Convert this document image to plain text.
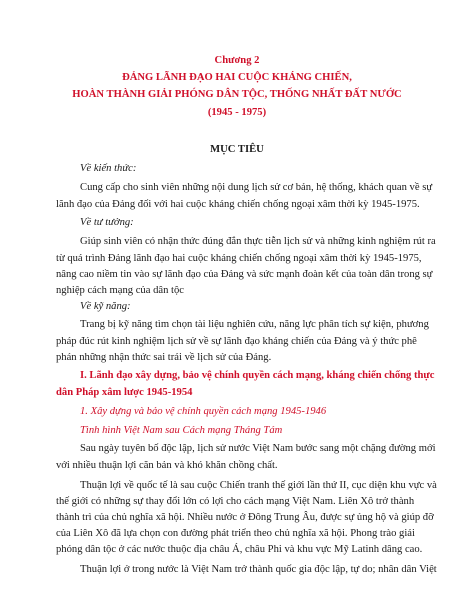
Chương 2
ĐẢNG LÃNH ĐẠO HAI CUỘC KHÁNG CHIẾN,
HOÀN THÀNH GIẢI PHÓNG DÂN TỘC, THỐNG NHẤT ĐẤT NƯỚC
(1945 - 1975)
MỤC TIÊU
Về kiến thức:
Cung cấp cho sinh viên những nội dung lịch sử cơ bản, hệ thống, khách quan về sự
lãnh đạo của Đảng đối với hai cuộc kháng chiến chống ngoại xâm thời kỳ 1945-1975.
Về tư tưởng:
Giúp sinh viên có nhận thức đúng đắn thực tiễn lịch sử và những kinh nghiệm rút ra
từ quá trình Đảng lãnh đạo hai cuộc kháng chiến chống ngoại xâm thời kỳ 1945-1975,
nâng cao niềm tin vào sự lãnh đạo của Đảng và sức mạnh đoàn kết của toàn dân trong sự
nghiệp cách mạng của dân tộc
Về kỹ năng:
Trang bị kỹ năng tìm chọn tài liệu nghiên cứu, năng lực phân tích sự kiện, phương
pháp đúc rút kinh nghiệm lịch sử về sự lãnh đạo kháng chiến của Đảng và ý thức phê
phán những nhận thức sai trái về lịch sử của Đảng.
I. Lãnh đạo xây dựng, bảo vệ chính quyền cách mạng, kháng chiến chống thực
dân Pháp xâm lược 1945-1954
1. Xây dựng và bảo vệ chính quyền cách mạng 1945-1946
Tình hình Việt Nam sau Cách mạng Tháng Tám
Sau ngày tuyên bố độc lập, lịch sử nước Việt Nam bước sang một chặng đường mới
với nhiều thuận lợi căn bản và khó khăn chồng chất.
Thuận lợi về quốc tế là sau cuộc Chiến tranh thế giới lần thứ II, cục diện khu vực và
thế giới có những sự thay đổi lớn có lợi cho cách mạng Việt Nam. Liên Xô trở thành
thành trì của chủ nghĩa xã hội. Nhiều nước ở Đông Trung Âu, được sự ủng hộ và giúp đỡ
của Liên Xô đã lựa chọn con đường phát triển theo chủ nghĩa xã hội. Phong trào giải
phóng dân tộc ở các nước thuộc địa châu Á, châu Phi và khu vực Mỹ Latinh dâng cao.
Thuận lợi ở trong nước là Việt Nam trở thành quốc gia độc lập, tự do; nhân dân Việt
